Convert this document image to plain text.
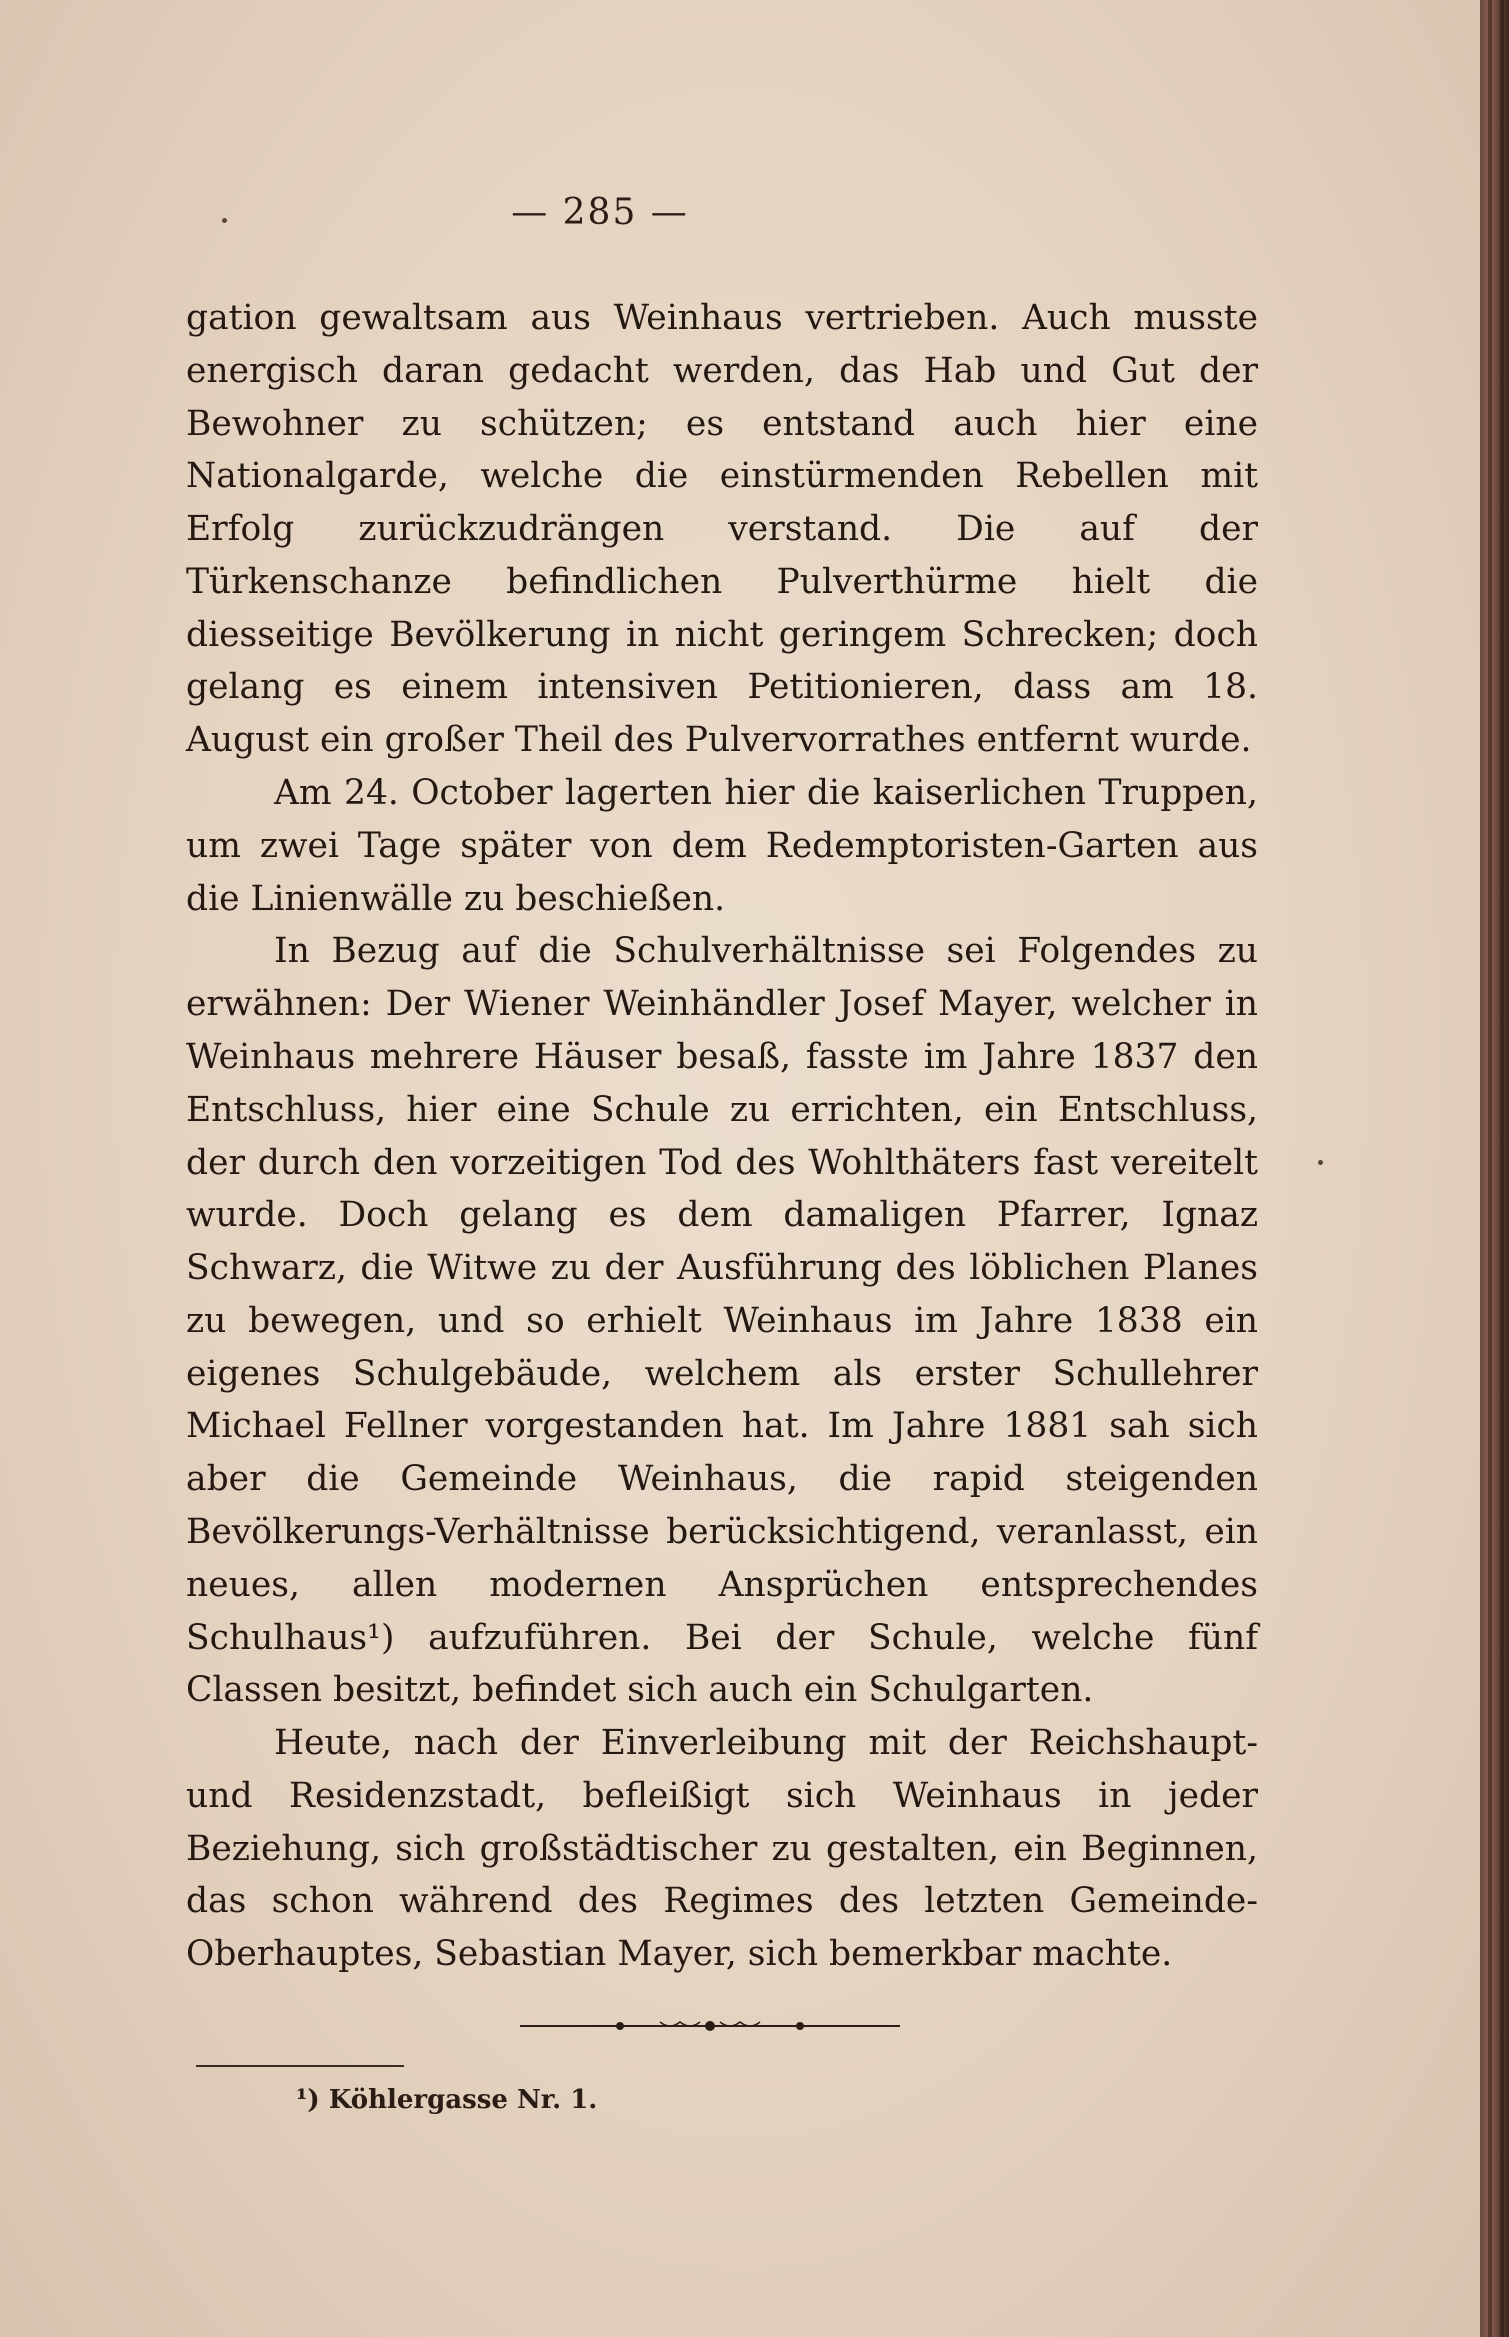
— 285 —

gation gewaltsam aus Weinhaus vertrieben. Auch musste energisch daran gedacht werden, das Hab und Gut der Bewohner zu schützen; es entstand auch hier eine Nationalgarde, welche die einstürmenden Rebellen mit Erfolg zurückzudrängen verstand. Die auf der Türkenschanze befindlichen Pulverthürme hielt die diesseitige Bevölkerung in nicht geringem Schrecken; doch gelang es einem intensiven Petitionieren, dass am 18. August ein großer Theil des Pulvervorrathes entfernt wurde.

Am 24. October lagerten hier die kaiserlichen Truppen, um zwei Tage später von dem Redemptoristen-Garten aus die Linienwälle zu beschießen.

In Bezug auf die Schulverhältnisse sei Folgendes zu erwähnen: Der Wiener Weinhändler Josef Mayer, welcher in Weinhaus mehrere Häuser besaß, fasste im Jahre 1837 den Entschluss, hier eine Schule zu errichten, ein Entschluss, der durch den vorzeitigen Tod des Wohlthäters fast vereitelt wurde. Doch gelang es dem damaligen Pfarrer, Ignaz Schwarz, die Witwe zu der Ausführung des löblichen Planes zu bewegen, und so erhielt Weinhaus im Jahre 1838 ein eigenes Schulgebäude, welchem als erster Schullehrer Michael Fellner vorgestanden hat. Im Jahre 1881 sah sich aber die Gemeinde Weinhaus, die rapid steigenden Bevölkerungs-Verhältnisse berücksichtigend, veranlasst, ein neues, allen modernen Ansprüchen entsprechendes Schulhaus¹) aufzuführen. Bei der Schule, welche fünf Classen besitzt, befindet sich auch ein Schulgarten.

Heute, nach der Einverleibung mit der Reichshaupt- und Residenzstadt, befleißigt sich Weinhaus in jeder Beziehung, sich großstädtischer zu gestalten, ein Beginnen, das schon während des Regimes des letzten Gemeinde-Oberhauptes, Sebastian Mayer, sich bemerkbar machte.

¹) Köhlergasse Nr. 1.
